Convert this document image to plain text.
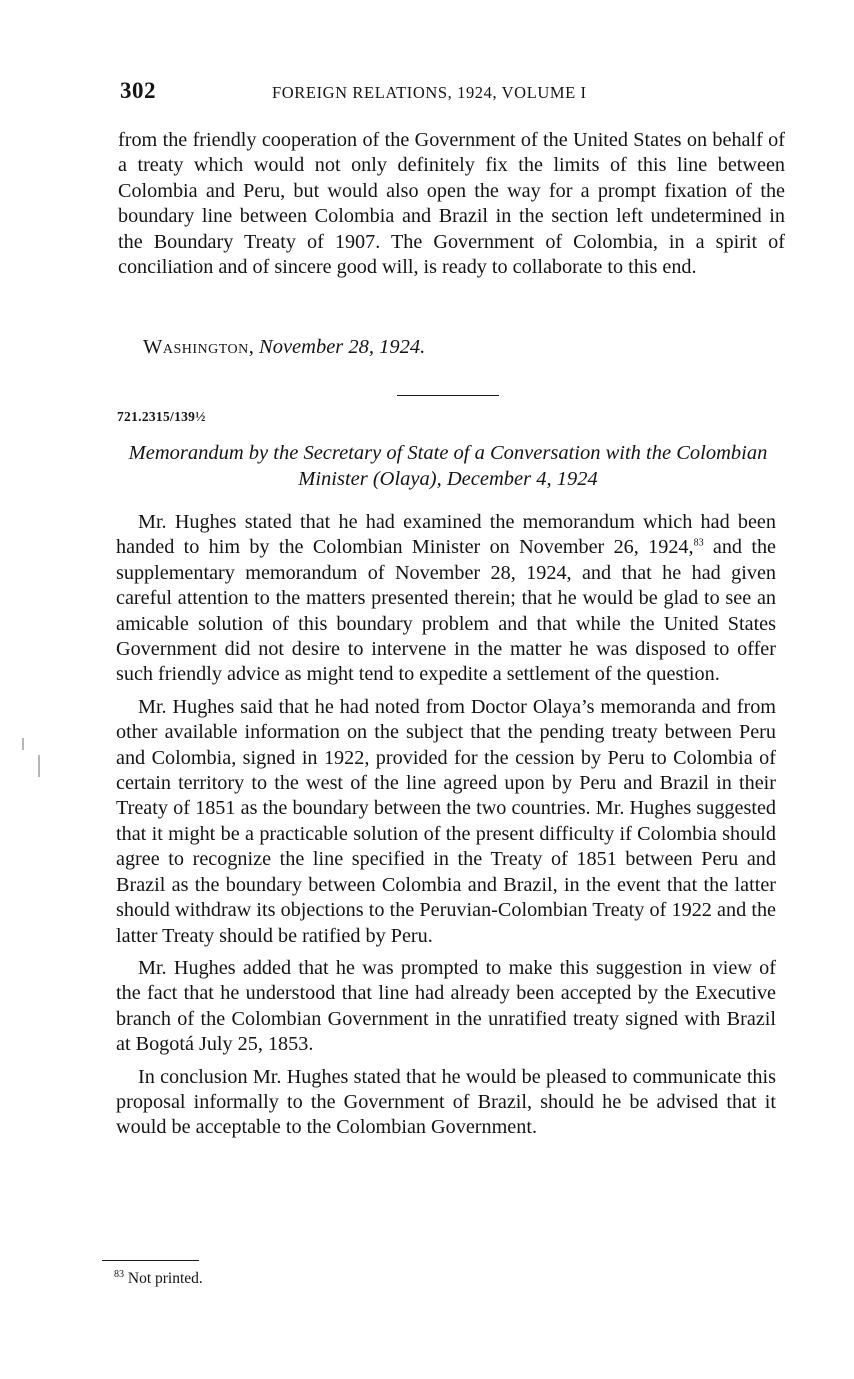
302	FOREIGN RELATIONS, 1924, VOLUME I

from the friendly cooperation of the Government of the United States on behalf of a treaty which would not only definitely fix the limits of this line between Colombia and Peru, but would also open the way for a prompt fixation of the boundary line between Colombia and Brazil in the section left undetermined in the Boundary Treaty of 1907. The Government of Colombia, in a spirit of conciliation and of sincere good will, is ready to collaborate to this end.

Washington, November 28, 1924.
721.2315/139½
Memorandum by the Secretary of State of a Conversation with the Colombian Minister (Olaya), December 4, 1924

Mr. Hughes stated that he had examined the memorandum which had been handed to him by the Colombian Minister on November 26, 1924,83 and the supplementary memorandum of November 28, 1924, and that he had given careful attention to the matters presented therein; that he would be glad to see an amicable solution of this boundary problem and that while the United States Government did not desire to intervene in the matter he was disposed to offer such friendly advice as might tend to expedite a settlement of the question.

Mr. Hughes said that he had noted from Doctor Olaya’s memoranda and from other available information on the subject that the pending treaty between Peru and Colombia, signed in 1922, provided for the cession by Peru to Colombia of certain territory to the west of the line agreed upon by Peru and Brazil in their Treaty of 1851 as the boundary between the two countries. Mr. Hughes suggested that it might be a practicable solution of the present difficulty if Colombia should agree to recognize the line specified in the Treaty of 1851 between Peru and Brazil as the boundary between Colombia and Brazil, in the event that the latter should withdraw its objections to the Peruvian-Colombian Treaty of 1922 and the latter Treaty should be ratified by Peru.

Mr. Hughes added that he was prompted to make this suggestion in view of the fact that he understood that line had already been accepted by the Executive branch of the Colombian Government in the unratified treaty signed with Brazil at Bogotá July 25, 1853.

In conclusion Mr. Hughes stated that he would be pleased to communicate this proposal informally to the Government of Brazil, should he be advised that it would be acceptable to the Colombian Government.

$^{83}$ Not printed.
